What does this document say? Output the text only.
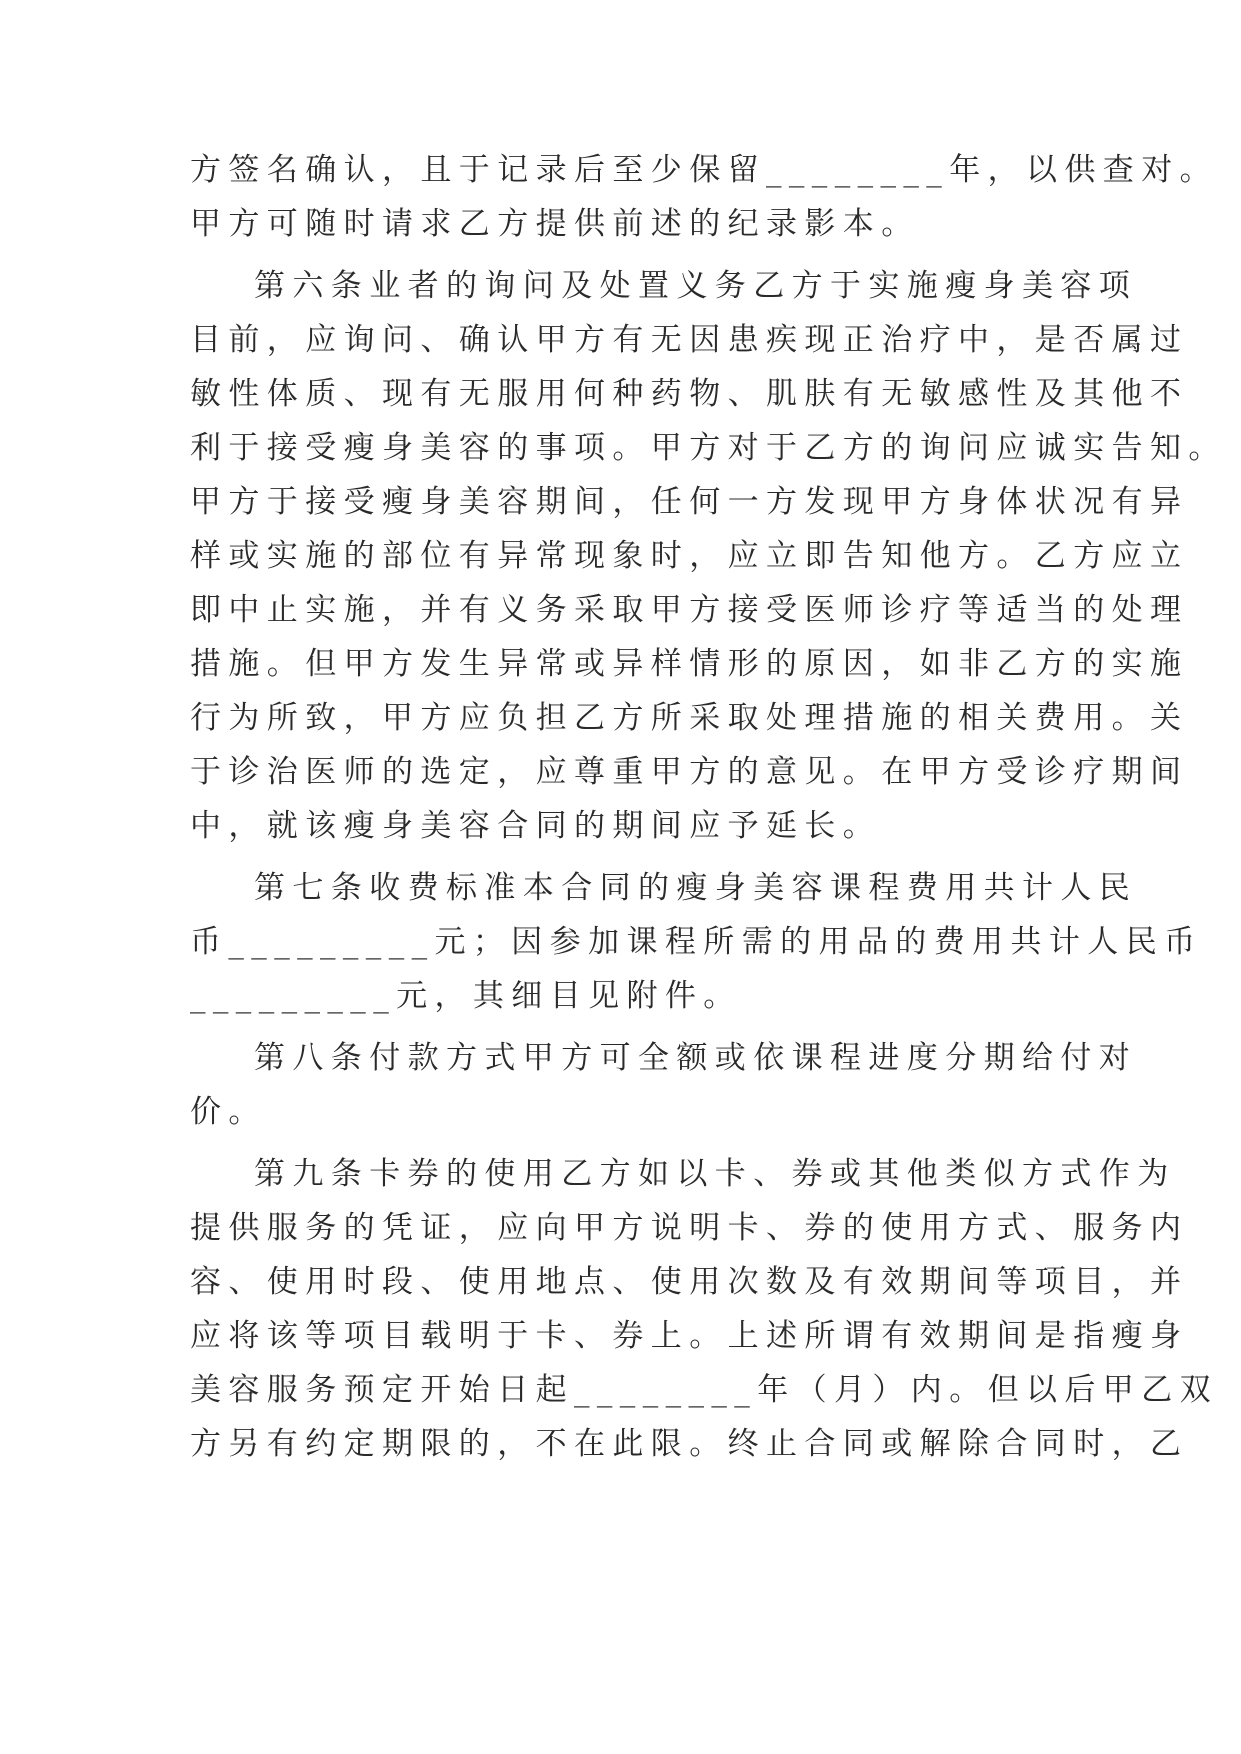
方签名确认，且于记录后至少保留________年，以供查对。
甲方可随时请求乙方提供前述的纪录影本。
第六条业者的询问及处置义务乙方于实施瘦身美容项
目前，应询问、确认甲方有无因患疾现正治疗中，是否属过
敏性体质、现有无服用何种药物、肌肤有无敏感性及其他不
利于接受瘦身美容的事项。甲方对于乙方的询问应诚实告知。
甲方于接受瘦身美容期间，任何一方发现甲方身体状况有异
样或实施的部位有异常现象时，应立即告知他方。乙方应立
即中止实施，并有义务采取甲方接受医师诊疗等适当的处理
措施。但甲方发生异常或异样情形的原因，如非乙方的实施
行为所致，甲方应负担乙方所采取处理措施的相关费用。关
于诊治医师的选定，应尊重甲方的意见。在甲方受诊疗期间
中，就该瘦身美容合同的期间应予延长。
第七条收费标准本合同的瘦身美容课程费用共计人民
币_________元；因参加课程所需的用品的费用共计人民币
_________元，其细目见附件。
第八条付款方式甲方可全额或依课程进度分期给付对
价。
第九条卡券的使用乙方如以卡、券或其他类似方式作为
提供服务的凭证，应向甲方说明卡、券的使用方式、服务内
容、使用时段、使用地点、使用次数及有效期间等项目，并
应将该等项目载明于卡、券上。上述所谓有效期间是指瘦身
美容服务预定开始日起________年（月）内。但以后甲乙双
方另有约定期限的，不在此限。终止合同或解除合同时，乙
